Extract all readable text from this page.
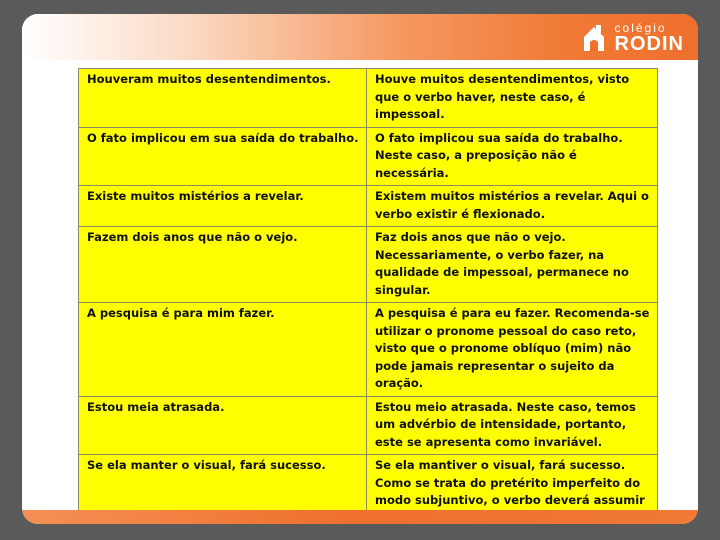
colégio
RODIN
Houveram muitos desentendimentos.	Houve muitos desentendimentos, visto que o verbo haver, neste caso, é impessoal.
O fato implicou em sua saída do trabalho.	O fato implicou sua saída do trabalho. Neste caso, a preposição não é necessária.
Existe muitos mistérios a revelar.	Existem muitos mistérios a revelar. Aqui o verbo existir é flexionado.
Fazem dois anos que não o vejo.	Faz dois anos que não o vejo. Necessariamente, o verbo fazer, na qualidade de impessoal, permanece no singular.
A pesquisa é para mim fazer.	A pesquisa é para eu fazer. Recomenda-se utilizar o pronome pessoal do caso reto, visto que o pronome oblíquo (mim) não pode jamais representar o sujeito da oração.
Estou meia atrasada.	Estou meio atrasada. Neste caso, temos um advérbio de intensidade, portanto, este se apresenta como invariável.
Se ela manter o visual, fará sucesso.	Se ela mantiver o visual, fará sucesso. Como se trata do pretérito imperfeito do modo subjuntivo, o verbo deverá assumir
